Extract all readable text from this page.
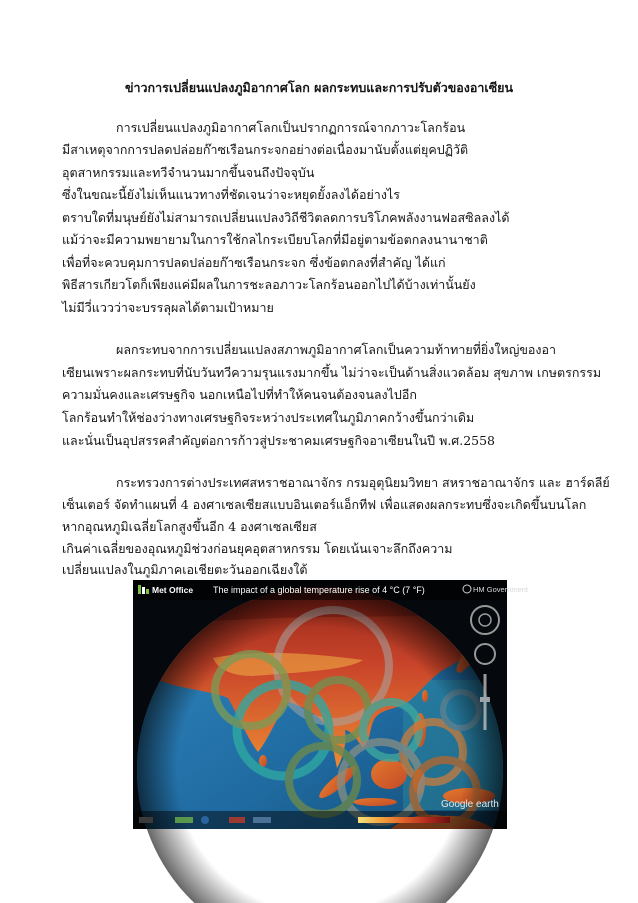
ข่าวการเปลี่ยนแปลงภูมิอากาศโลก ผลกระทบและการปรับตัวของอาเซียน
การเปลี่ยนแปลงภูมิอากาศโลกเป็นปรากฏการณ์จากภาวะโลกร้อน
มีสาเหตุจากการปลดปล่อยก๊าซเรือนกระจกอย่างต่อเนื่องมานับตั้งแต่ยุคปฏิวัติ
อุตสาหกรรมและทวีจำนวนมากขึ้นจนถึงปัจจุบัน
ซึ่งในขณะนี้ยังไม่เห็นแนวทางที่ชัดเจนว่าจะหยุดยั้งลงได้อย่างไร
ตราบใดที่มนุษย์ยังไม่สามารถเปลี่ยนแปลงวิถีชีวิตลดการบริโภคพลังงานฟอสซิลลงได้
แม้ว่าจะมีความพยายามในการใช้กลไกระเบียบโลกที่มีอยู่ตามข้อตกลงนานาชาติ
เพื่อที่จะควบคุมการปลดปล่อยก๊าซเรือนกระจก ซึ่งข้อตกลงที่สำคัญ ได้แก่
พิธีสารเกียวโตก็เพียงแค่มีผลในการชะลอภาวะโลกร้อนออกไปได้บ้างเท่านั้นยัง
ไม่มีวี่แววว่าจะบรรลุผลได้ตามเป้าหมาย
ผลกระทบจากการเปลี่ยนแปลงสภาพภูมิอากาศโลกเป็นความท้าทายที่ยิ่งใหญ่ของอา
เซียนเพราะผลกระทบที่นับวันทวีความรุนแรงมากขึ้น ไม่ว่าจะเป็นด้านสิ่งแวดล้อม สุขภาพ เกษตรกรรม
ความมั่นคงและเศรษฐกิจ นอกเหนือไปที่ทำให้คนจนต้องจนลงไปอีก
โลกร้อนทำให้ช่องว่างทางเศรษฐกิจระหว่างประเทศในภูมิภาคกว้างขึ้นกว่าเดิม
และนั่นเป็นอุปสรรคสำคัญต่อการก้าวสู่ประชาคมเศรษฐกิจอาเซียนในปี พ.ศ.2558
กระทรวงการต่างประเทศสหราชอาณาจักร กรมอุตุนิยมวิทยา สหราชอาณาจักร และ ฮาร์ดลีย์
เซ็นเตอร์ จัดทำแผนที่ 4 องศาเซลเซียสแบบอินเตอร์แอ็กทีฟ เพื่อแสดงผลกระทบซึ่งจะเกิดขึ้นบนโลก
หากอุณหภูมิเฉลี่ยโลกสูงขึ้นอีก 4 องศาเซลเซียส
เกินค่าเฉลี่ยของอุณหภูมิช่วงก่อนยุคอุตสาหกรรม โดยเน้นเจาะลึกถึงความ
เปลี่ยนแปลงในภูมิภาคเอเชียตะวันออกเฉียงใต้
Met Office The impact of a global temperature rise of 4 °C (7 °F)	HM Government
Google earth
